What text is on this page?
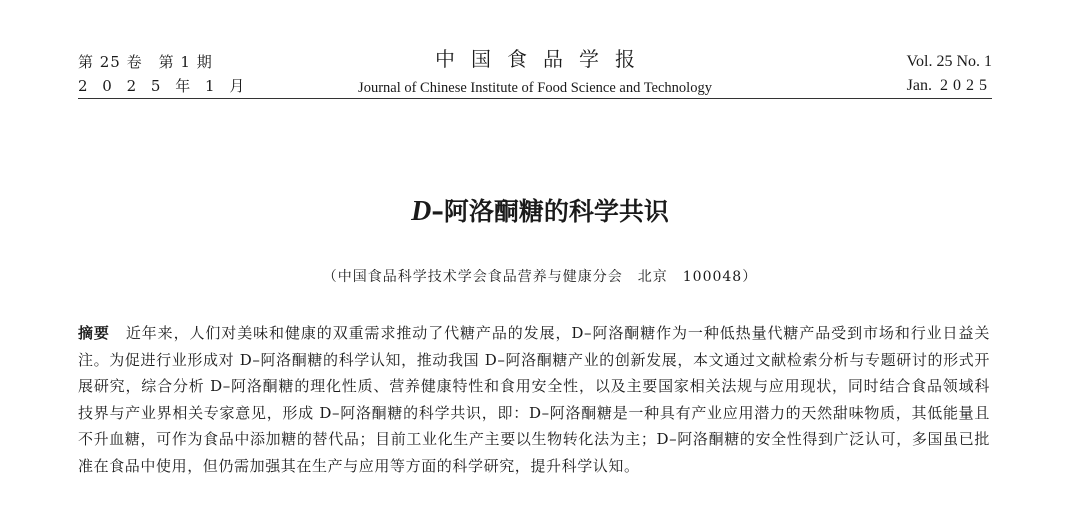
第 25 卷　第 1 期
2 0 2 5 年 1 月
中国食品学报
Journal of Chinese Institute of Food Science and Technology
Vol. 25 No. 1
Jan. 2025
D–阿洛酮糖的科学共识
（中国食品科学技术学会食品营养与健康分会　北京　100048）
摘要 近年来，人们对美味和健康的双重需求推动了代糖产品的发展，D–阿洛酮糖作为一种低热量代糖产品受到市场和行业日益关注。为促进行业形成对 D–阿洛酮糖的科学认知，推动我国 D–阿洛酮糖产业的创新发展，本文通过文献检索分析与专题研讨的形式开展研究，综合分析 D–阿洛酮糖的理化性质、营养健康特性和食用安全性，以及主要国家相关法规与应用现状，同时结合食品领域科技界与产业界相关专家意见，形成 D–阿洛酮糖的科学共识，即：D–阿洛酮糖是一种具有产业应用潜力的天然甜味物质，其低能量且不升血糖，可作为食品中添加糖的替代品；目前工业化生产主要以生物转化法为主；D–阿洛酮糖的安全性得到广泛认可，多国虽已批准在食品中使用，但仍需加强其在生产与应用等方面的科学研究，提升科学认知。
